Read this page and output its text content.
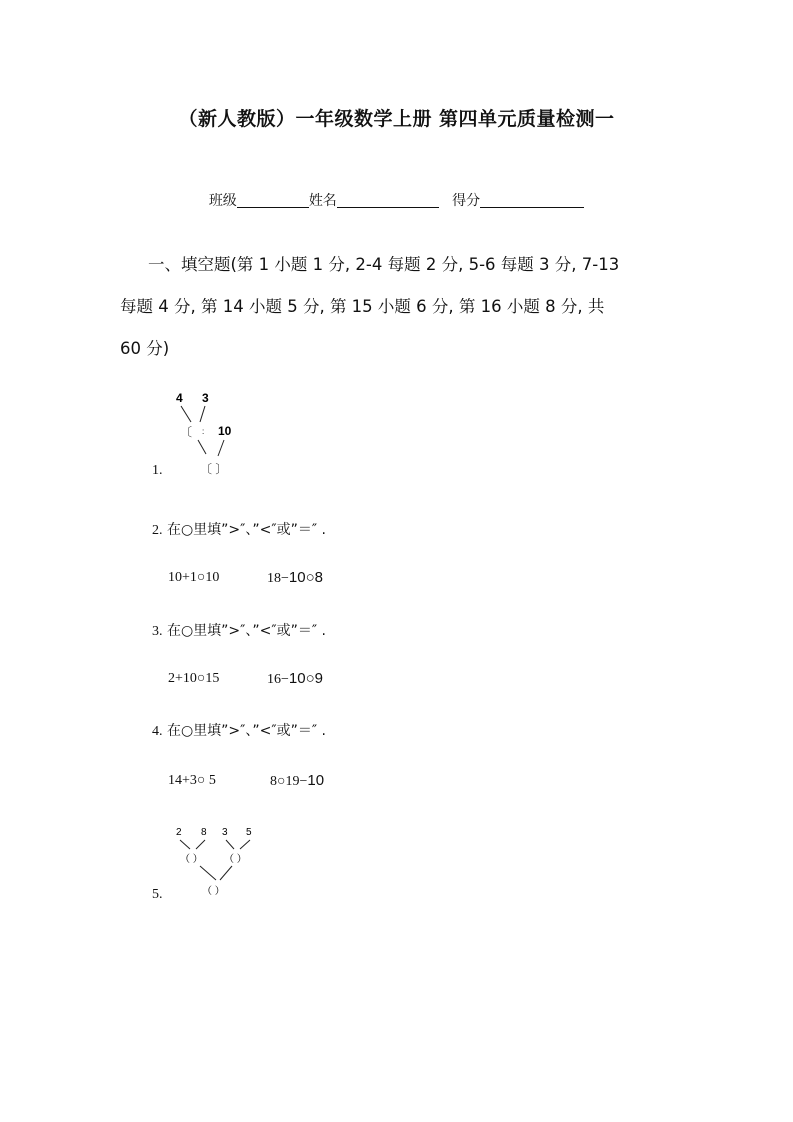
（新人教版）一年级数学上册 第四单元质量检测一
班级	姓名	得分
一、填空题(第 1 小题 1 分, 2-4 每题 2 分, 5-6 每题 3 分, 7-13
每题 4 分, 第 14 小题 5 分, 第 15 小题 6 分, 第 16 小题 8 分, 共
60 分)
1.
4 3
〔 : 10
〔 〕
2. 在○里填”>″、”<″或”＝″ .
10+1○10	18−10○8
3. 在○里填”>″、”<″或”＝″ .
2+10○15	16−10○9
4. 在○里填”>″、”<″或”＝″ .
14+3○ 5	8○19−10
5.
2 8 3 5
（ ） （ ）
（ ）
